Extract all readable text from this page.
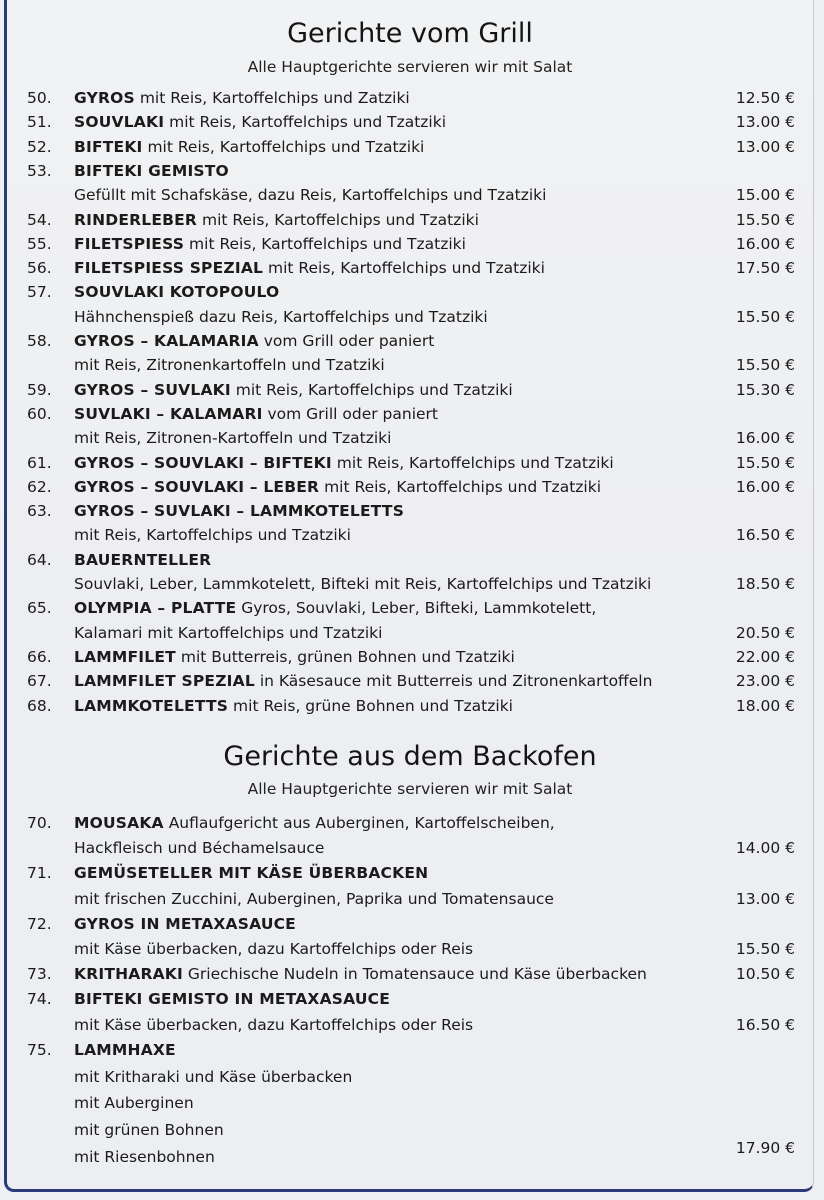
Gerichte vom Grill
Alle Hauptgerichte servieren wir mit Salat
50.	GYROS mit Reis, Kartoffelchips und Zatziki	12.50 €
51.	SOUVLAKI mit Reis, Kartoffelchips und Tzatziki	13.00 €
52.	BIFTEKI mit Reis, Kartoffelchips und Tzatziki	13.00 €
53.	BIFTEKI GEMISTO
Gefüllt mit Schafskäse, dazu Reis, Kartoffelchips und Tzatziki	15.00 €
54.	RINDERLEBER mit Reis, Kartoffelchips und Tzatziki	15.50 €
55.	FILETSPIESS mit Reis, Kartoffelchips und Tzatziki	16.00 €
56.	FILETSPIESS SPEZIAL mit Reis, Kartoffelchips und Tzatziki	17.50 €
57.	SOUVLAKI KOTOPOULO
Hähnchenspieß dazu Reis, Kartoffelchips und Tzatziki	15.50 €
58.	GYROS – KALAMARIA vom Grill oder paniert
mit Reis, Zitronenkartoffeln und Tzatziki	15.50 €
59.	GYROS – SUVLAKI mit Reis, Kartoffelchips und Tzatziki	15.30 €
60.	SUVLAKI – KALAMARI vom Grill oder paniert
mit Reis, Zitronen-Kartoffeln und Tzatziki	16.00 €
61.	GYROS – SOUVLAKI – BIFTEKI mit Reis, Kartoffelchips und Tzatziki	15.50 €
62.	GYROS – SOUVLAKI – LEBER mit Reis, Kartoffelchips und Tzatziki	16.00 €
63.	GYROS – SUVLAKI – LAMMKOTELETTS
mit Reis, Kartoffelchips und Tzatziki	16.50 €
64.	BAUERNTELLER
Souvlaki, Leber, Lammkotelett, Bifteki mit Reis, Kartoffelchips und Tzatziki	18.50 €
65.	OLYMPIA – PLATTE Gyros, Souvlaki, Leber, Bifteki, Lammkotelett,
Kalamari mit Kartoffelchips und Tzatziki	20.50 €
66.	LAMMFILET mit Butterreis, grünen Bohnen und Tzatziki	22.00 €
67.	LAMMFILET SPEZIAL in Käsesauce mit Butterreis und Zitronenkartoffeln	23.00 €
68.	LAMMKOTELETTS mit Reis, grüne Bohnen und Tzatziki	18.00 €
Gerichte aus dem Backofen
Alle Hauptgerichte servieren wir mit Salat
70.	MOUSAKA Auflaufgericht aus Auberginen, Kartoffelscheiben,
Hackfleisch und Béchamelsauce	14.00 €
71.	GEMÜSETELLER MIT KÄSE ÜBERBACKEN
mit frischen Zucchini, Auberginen, Paprika und Tomatensauce	13.00 €
72.	GYROS IN METAXASAUCE
mit Käse überbacken, dazu Kartoffelchips oder Reis	15.50 €
73.	KRITHARAKI Griechische Nudeln in Tomatensauce und Käse überbacken	10.50 €
74.	BIFTEKI GEMISTO IN METAXASAUCE
mit Käse überbacken, dazu Kartoffelchips oder Reis	16.50 €
75.	LAMMHAXE
mit Kritharaki und Käse überbacken
mit Auberginen
mit grünen Bohnen
mit Riesenbohnen	17.90 €
